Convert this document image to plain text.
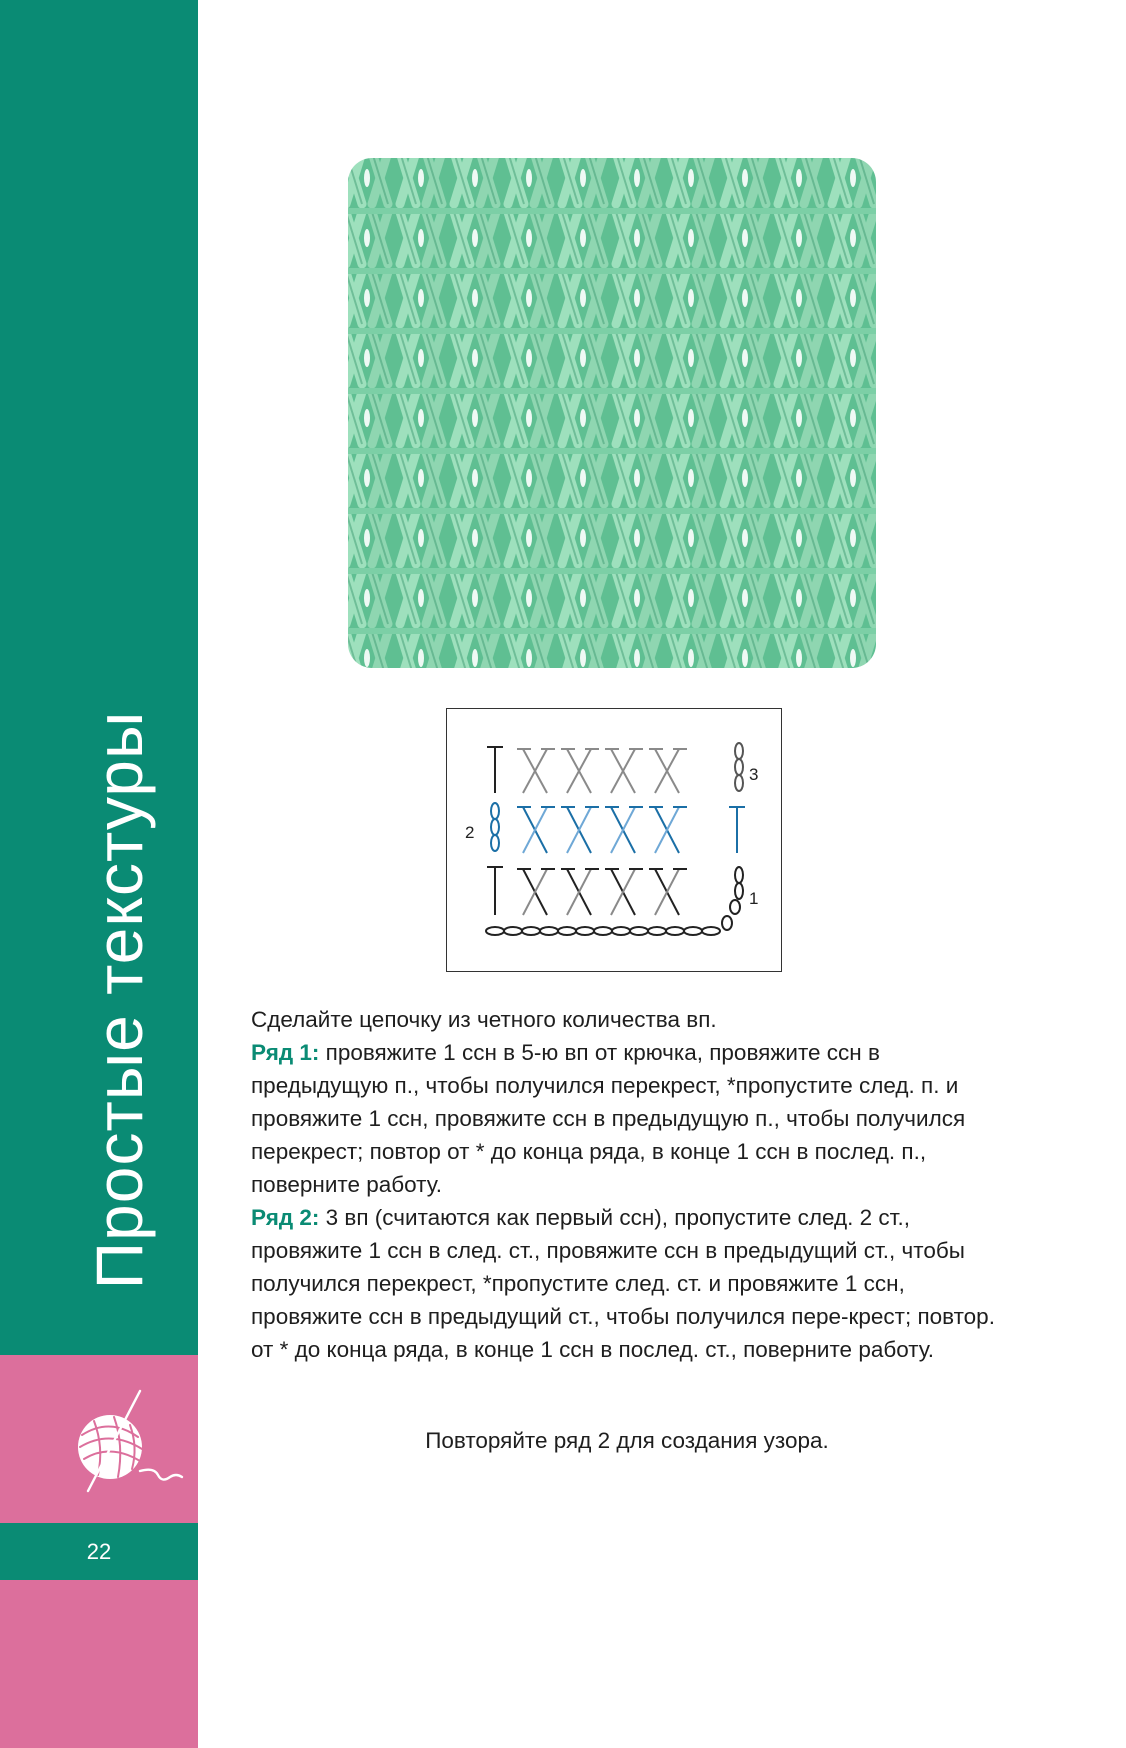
Простые текстуры
22
3
2
1

Сделайте цепочку из четного количества вп.

Ряд 1: провяжите 1 ссн в 5-ю вп от крючка, провяжите ссн в предыдущую п., чтобы получился перекрест, *пропустите след. п. и провяжите 1 ссн, провяжите ссн в предыдущую п., чтобы получился перекрест; повтор от * до конца ряда, в конце 1 ссн в послед. п., поверните работу.

Ряд 2: 3 вп (считаются как первый ссн), пропустите след. 2 ст., провяжите 1 ссн в след. ст., провяжите ссн в предыдущий ст., чтобы получился перекрест, *пропустите след. ст. и провяжите 1 ссн, провяжите ссн в предыдущий ст., чтобы получился пере-крест; повтор. от * до конца ряда, в конце 1 ссн в послед. ст., поверните работу.

Повторяйте ряд 2 для создания узора.
